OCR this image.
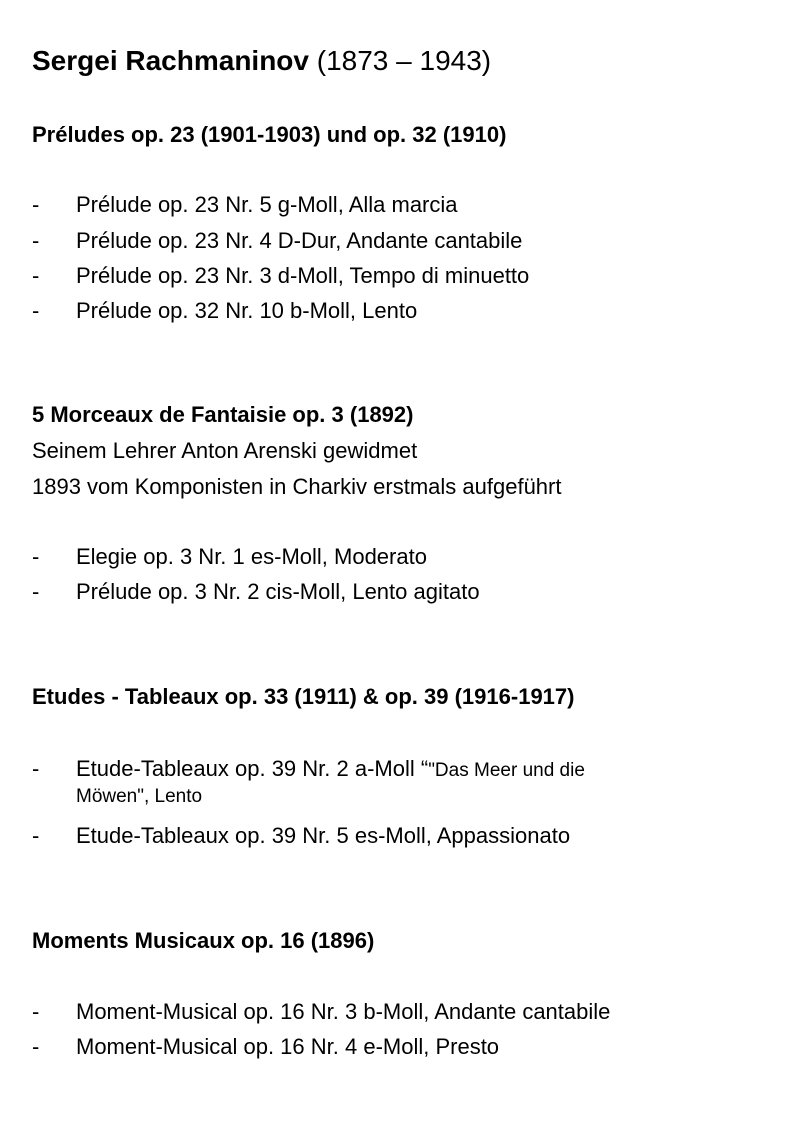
Sergei Rachmaninov (1873 – 1943)
Préludes op. 23 (1901-1903) und op. 32 (1910)
- Prélude op. 23 Nr. 5 g-Moll, Alla marcia
- Prélude op. 23 Nr. 4 D-Dur, Andante cantabile
- Prélude op. 23 Nr. 3 d-Moll, Tempo di minuetto
- Prélude op. 32 Nr. 10 b-Moll, Lento
5 Morceaux de Fantaisie op. 3 (1892)
Seinem Lehrer Anton Arenski gewidmet
1893 vom Komponisten in Charkiv erstmals aufgeführt
- Elegie op. 3 Nr. 1 es-Moll, Moderato
- Prélude op. 3 Nr. 2 cis-Moll, Lento agitato
Etudes - Tableaux op. 33 (1911) & op. 39 (1916-1917)
- Etude-Tableaux op. 39 Nr. 2 a-Moll “"Das Meer und die
Möwen", Lento
- Etude-Tableaux op. 39 Nr. 5 es-Moll, Appassionato
Moments Musicaux op. 16 (1896)
- Moment-Musical op. 16 Nr. 3 b-Moll, Andante cantabile
- Moment-Musical op. 16 Nr. 4 e-Moll, Presto
